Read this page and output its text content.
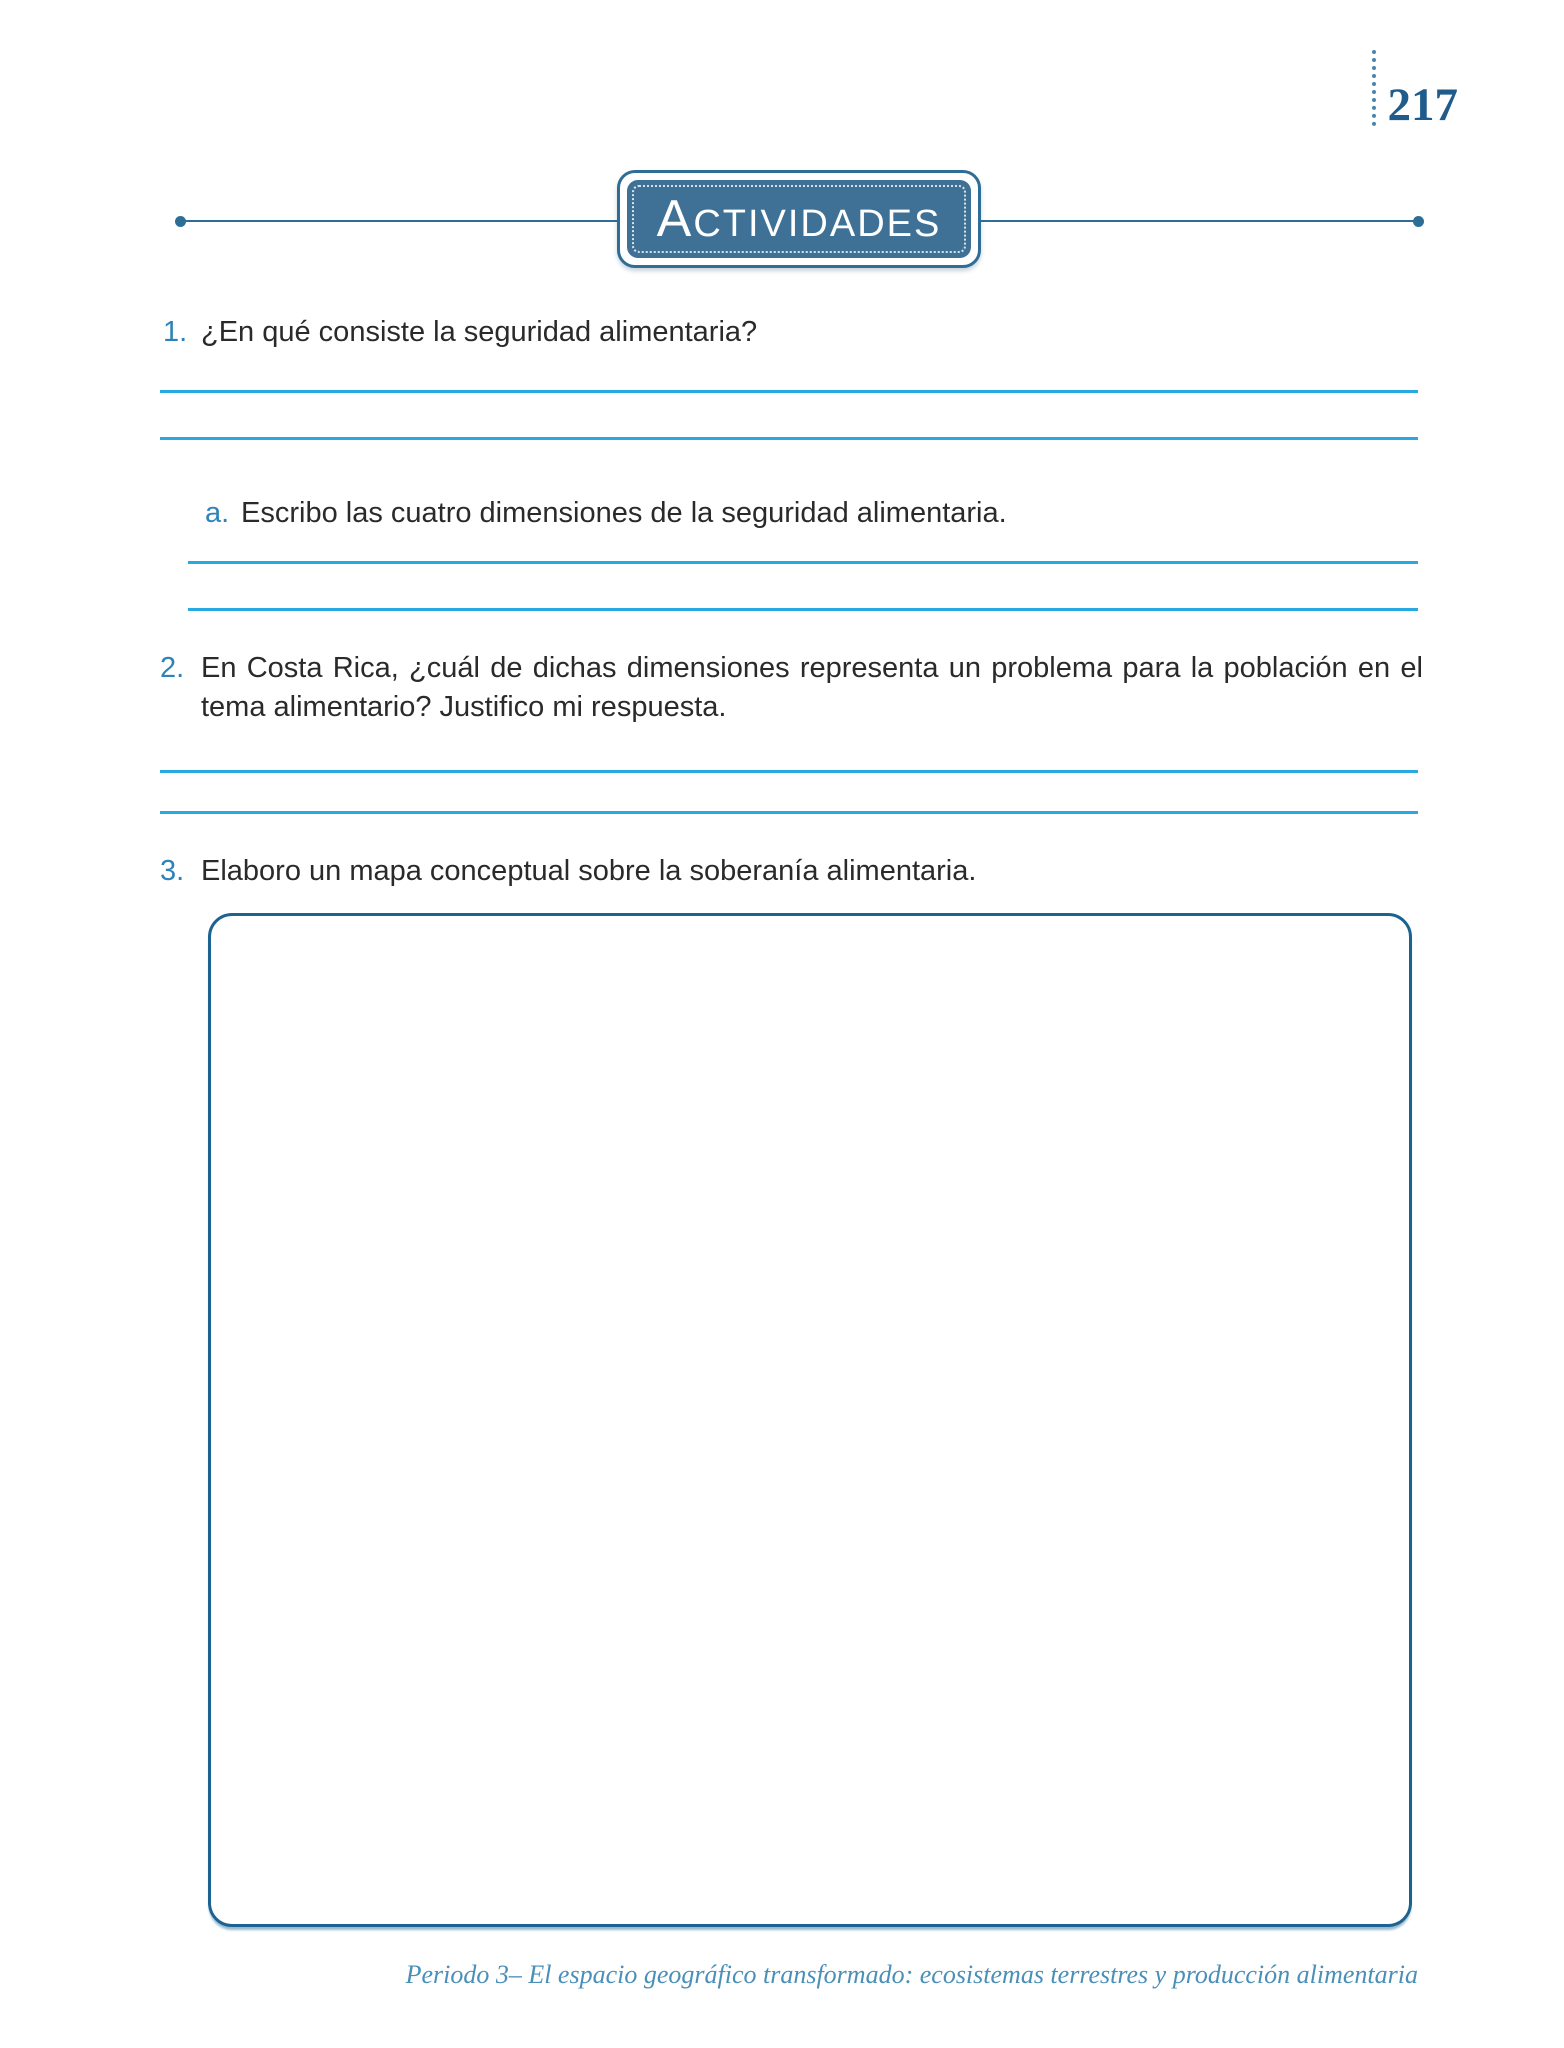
217
A CTIVIDADES
1. ¿En qué consiste la seguridad alimentaria?
a. Escribo las cuatro dimensiones de la seguridad alimentaria.
2. En Costa Rica, ¿cuál de dichas dimensiones representa un problema para la población en el tema alimentario? Justifico mi respuesta.
3. Elaboro un mapa conceptual sobre la soberanía alimentaria.
Periodo 3– El espacio geográfico transformado: ecosistemas terrestres y producción alimentaria
